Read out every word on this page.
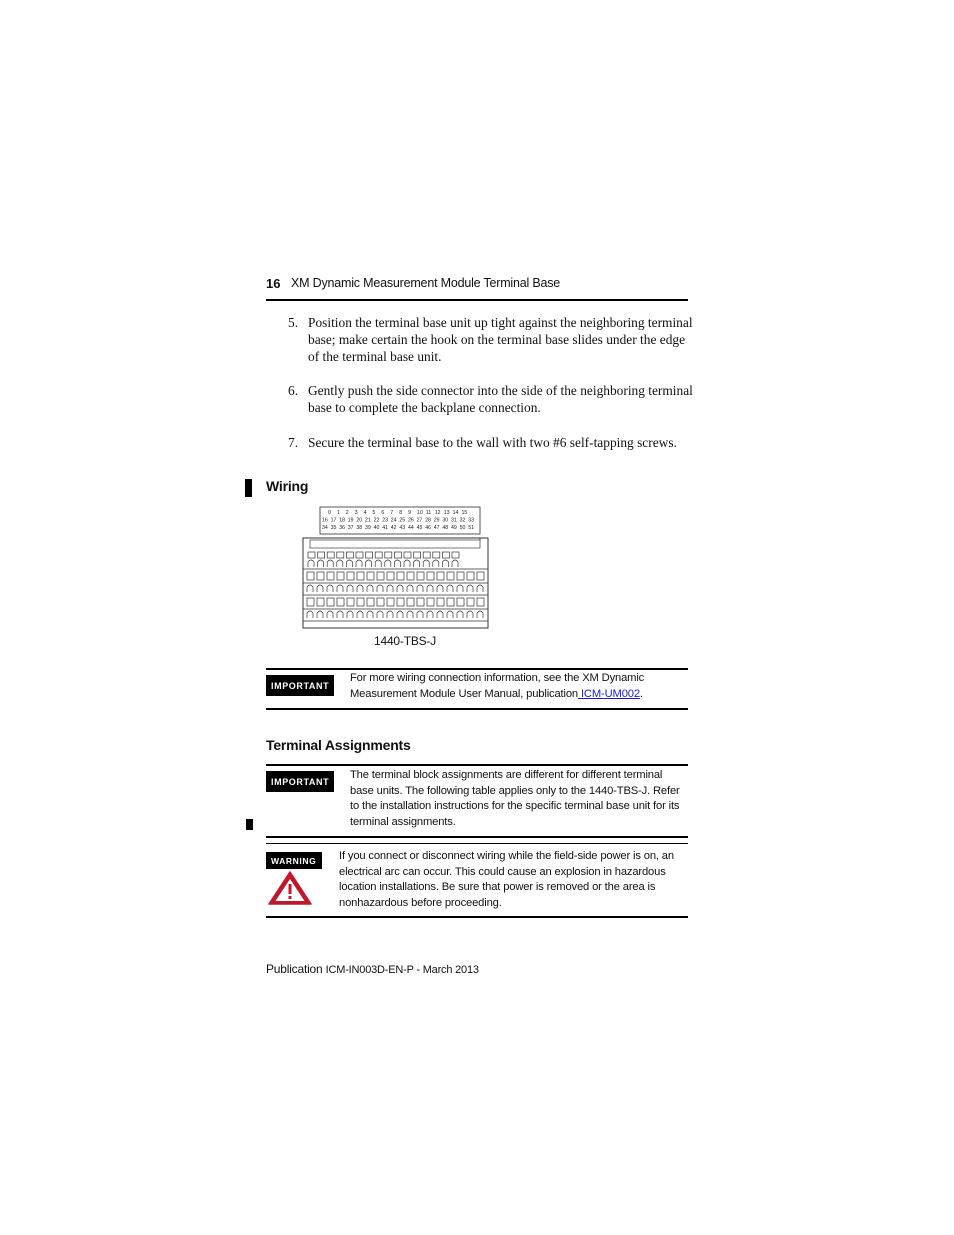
16 XM Dynamic Measurement Module Terminal Base
5. Position the terminal base unit up tight against the neighboring terminal base; make certain the hook on the terminal base slides under the edge of the terminal base unit.
6. Gently push the side connector into the side of the neighboring terminal base to complete the backplane connection.
7. Secure the terminal base to the wall with two #6 self-tapping screws.
Wiring
0 1 2 3 4 5 6 7 8 9 10 11 12 13 14 15
16 17 18 19 20 21 22 23 24 25 26 27 28 29 30 31 32 33
34 35 36 37 38 39 40 41 42 43 44 45 46 47 48 49 50 51
1440-TBS-J
IMPORTANT
For more wiring connection information, see the XM Dynamic Measurement Module User Manual, publication ICM-UM002.
Terminal Assignments
IMPORTANT
The terminal block assignments are different for different terminal base units. The following table applies only to the 1440-TBS-J. Refer to the installation instructions for the specific terminal base unit for its terminal assignments.
WARNING	If you connect or disconnect wiring while the field-side power is on, an electrical arc can occur. This could cause an explosion in hazardous location installations. Be sure that power is removed or the area is nonhazardous before proceeding.
Publication ICM-IN003D-EN-P - March 2013
